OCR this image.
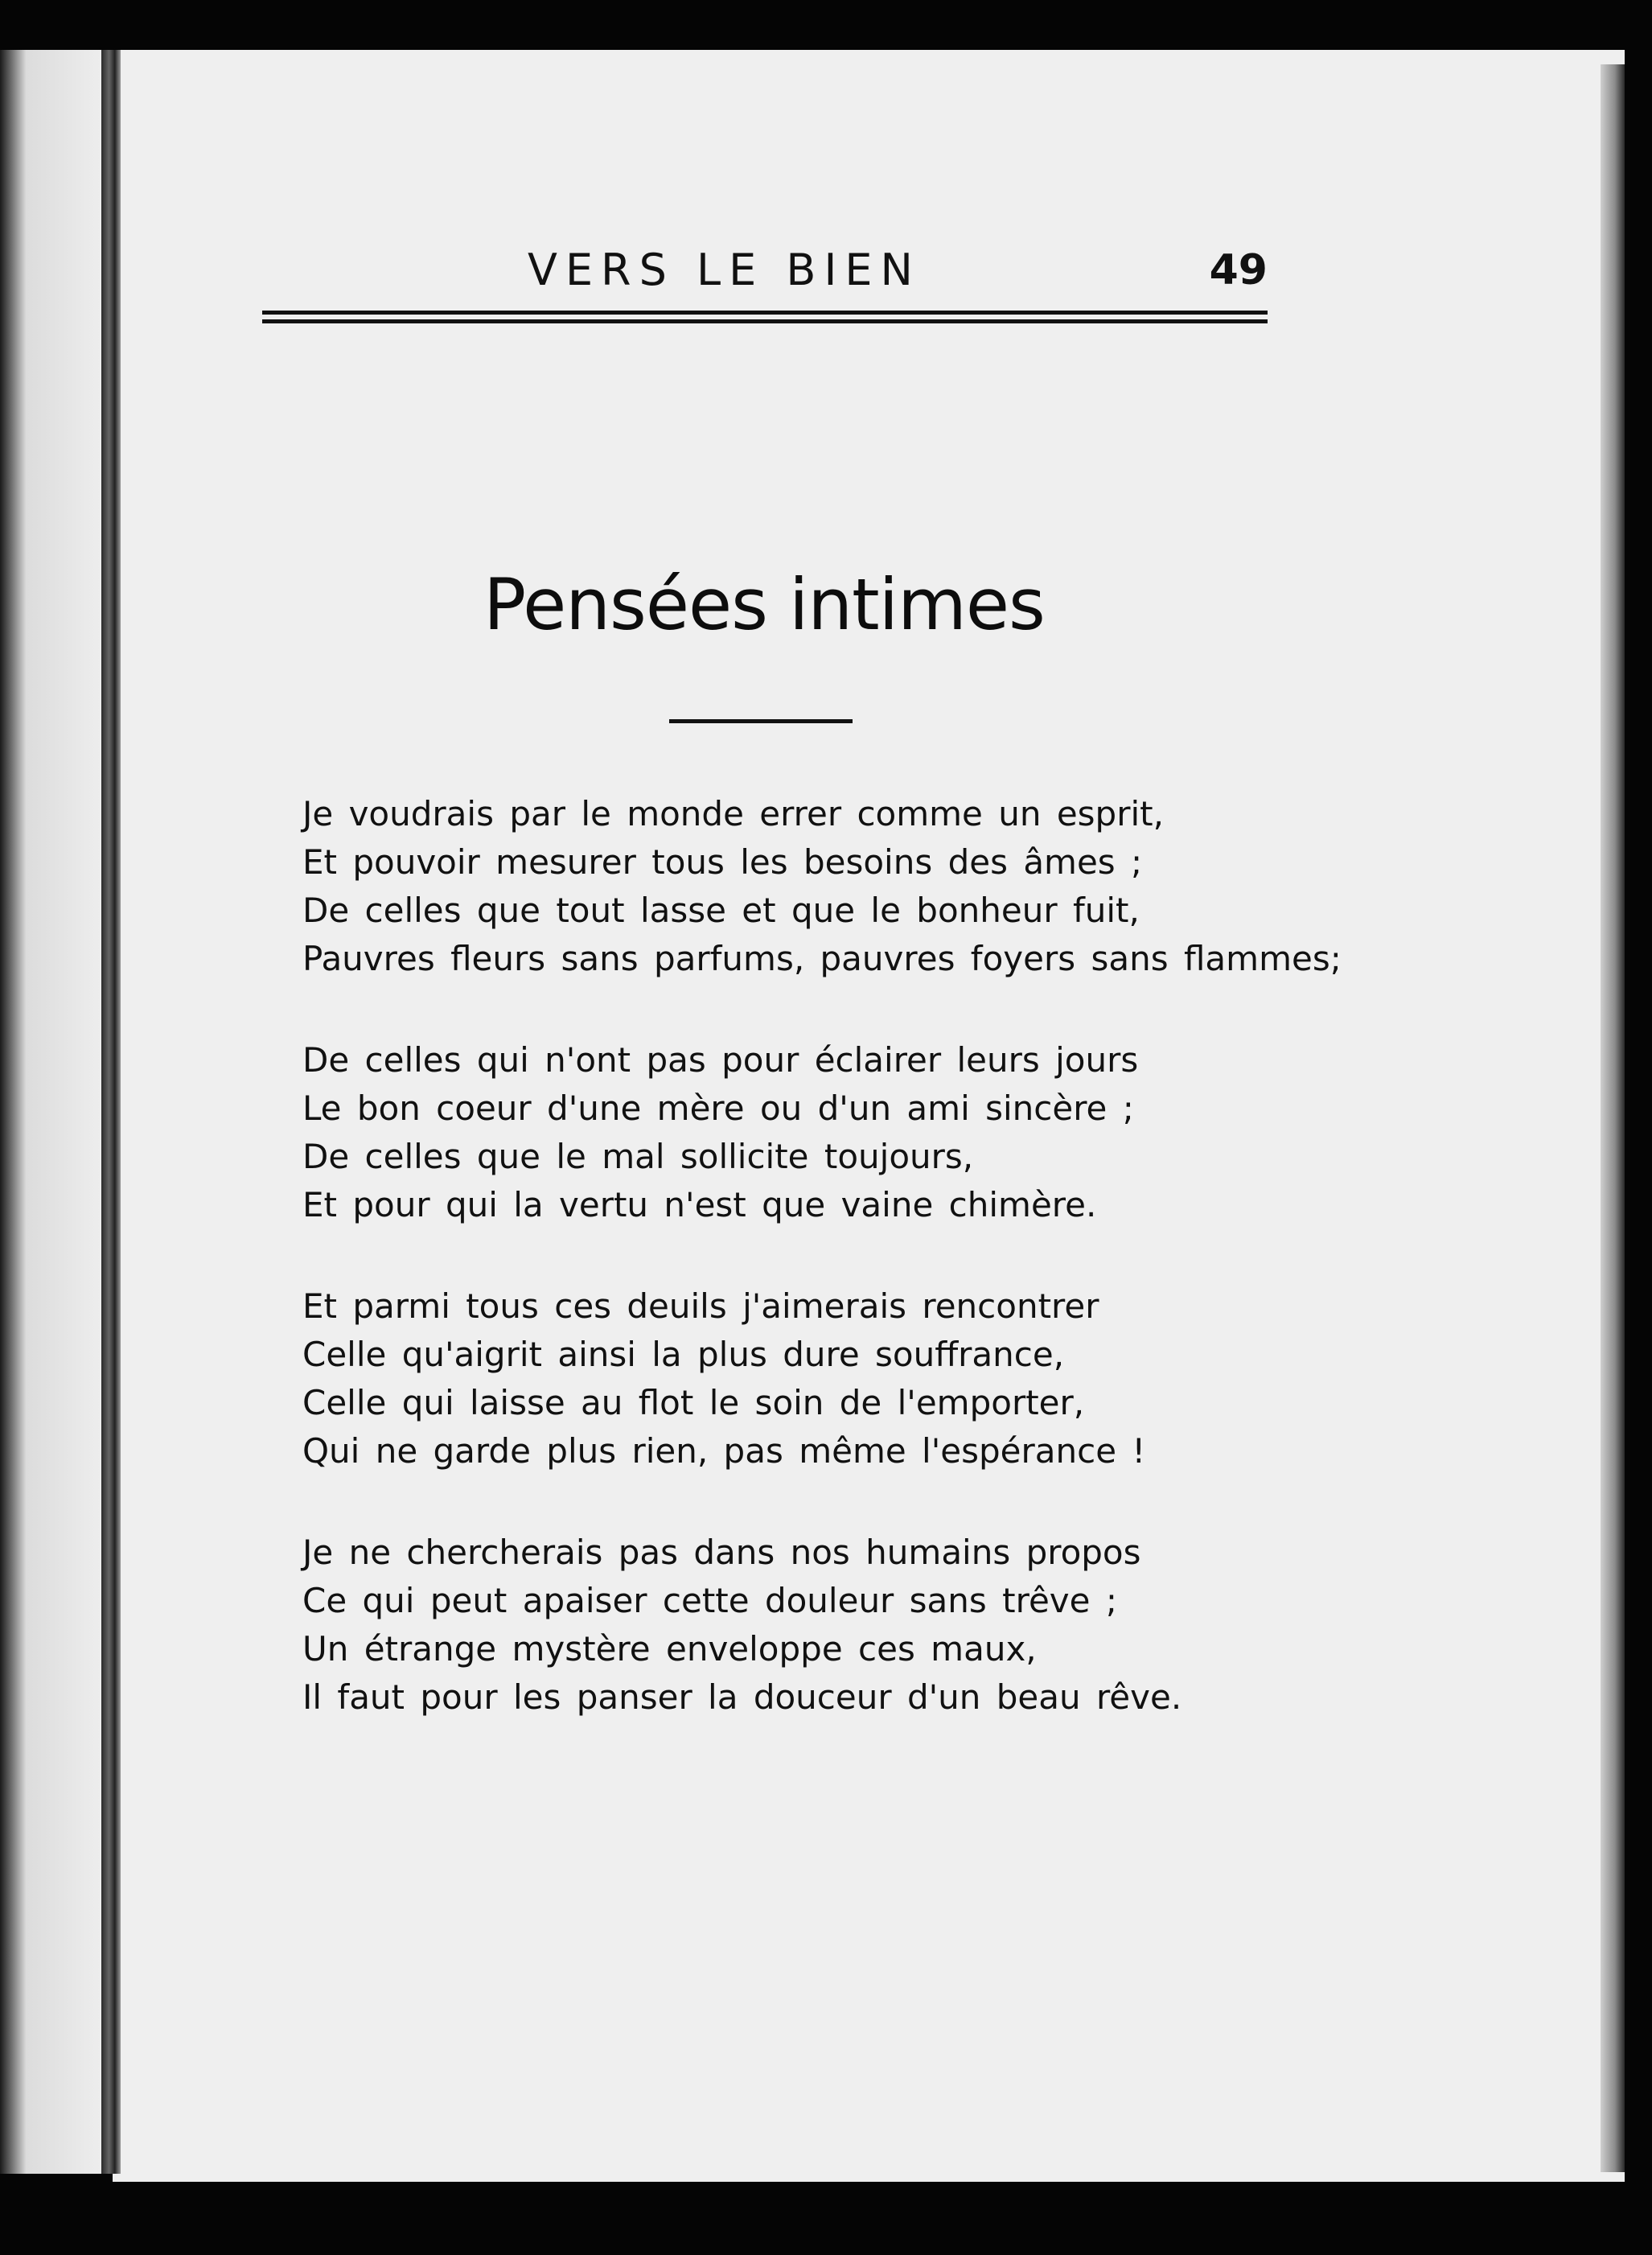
VERS LE BIEN	49
Pensées intimes
Je voudrais par le monde errer comme un esprit,
Et pouvoir mesurer tous les besoins des âmes ;
De celles que tout lasse et que le bonheur fuit,
Pauvres fleurs sans parfums, pauvres foyers sans flammes;
De celles qui n'ont pas pour éclairer leurs jours
Le bon coeur d'une mère ou d'un ami sincère ;
De celles que le mal sollicite toujours,
Et pour qui la vertu n'est que vaine chimère.
Et parmi tous ces deuils j'aimerais rencontrer
Celle qu'aigrit ainsi la plus dure souffrance,
Celle qui laisse au flot le soin de l'emporter,
Qui ne garde plus rien, pas même l'espérance !
Je ne chercherais pas dans nos humains propos
Ce qui peut apaiser cette douleur sans trêve ;
Un étrange mystère enveloppe ces maux,
Il faut pour les panser la douceur d'un beau rêve.
